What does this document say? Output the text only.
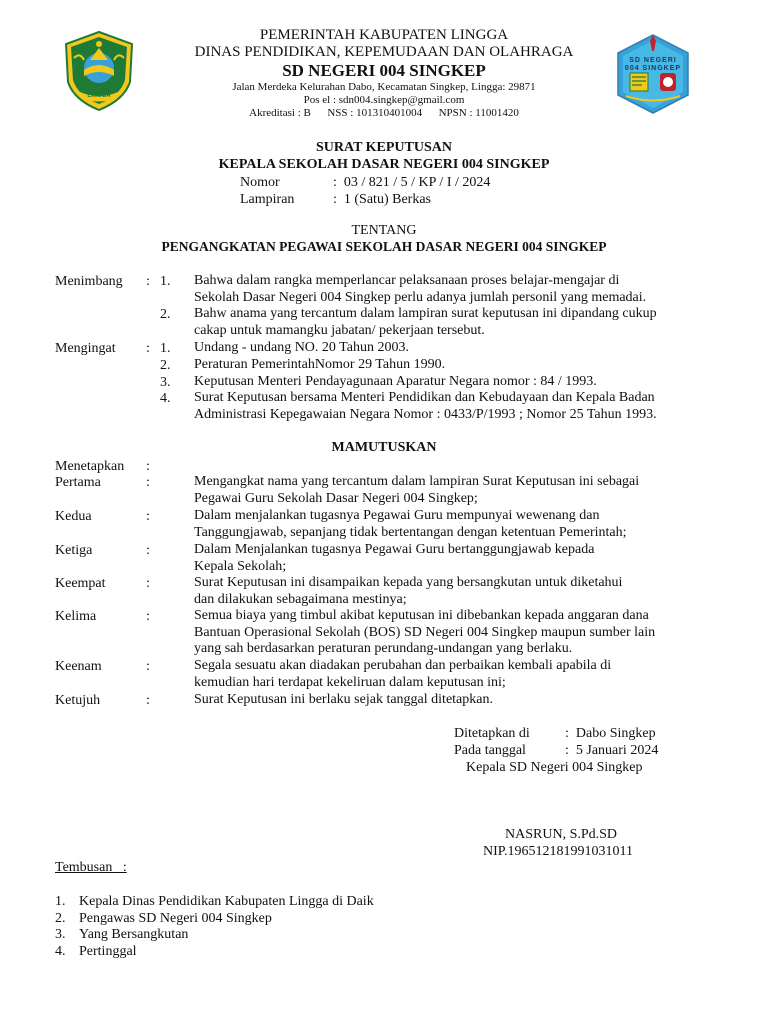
LINGGA
SD NEGERI
004 SINGKEP
PEMERINTAH KABUPATEN LINGGA
DINAS PENDIDIKAN, KEPEMUDAAN DAN OLAHRAGA
SD NEGERI 004 SINGKEP
Jalan Merdeka Kelurahan Dabo, Kecamatan Singkep, Lingga: 29871
Pos el : sdn004.singkep@gmail.com
Akreditasi : B      NSS : 101310401004      NPSN : 11001420
SURAT KEPUTUSAN
KEPALA SEKOLAH DASAR NEGERI 004 SINGKEP
Nomor	:  03 / 821 / 5 / KP / I / 2024
Lampiran	:  1 (Satu) Berkas
TENTANG
PENGANGKATAN PEGAWAI SEKOLAH DASAR NEGERI 004 SINGKEP
Menimbang : 1. Bahwa dalam rangka memperlancar pelaksanaan proses belajar-mengajar di
Sekolah Dasar Negeri 004 Singkep perlu adanya jumlah personil yang memadai.
2. Bahw anama yang tercantum dalam lampiran surat keputusan ini dipandang cukup
cakap untuk mamangku jabatan/ pekerjaan tersebut.
Mengingat : 1. Undang - undang NO. 20 Tahun 2003.
2. Peraturan PemerintahNomor 29 Tahun 1990.
3. Keputusan Menteri Pendayagunaan Aparatur Negara nomor : 84 / 1993.
4. Surat Keputusan bersama Menteri Pendidikan dan Kebudayaan dan Kepala Badan
Administrasi Kepegawaian Negara Nomor : 0433/P/1993 ; Nomor 25 Tahun 1993.
MAMUTUSKAN
Menetapkan :
Pertama	:	Mengangkat nama yang tercantum dalam lampiran Surat Keputusan ini sebagai
Pegawai Guru Sekolah Dasar Negeri 004 Singkep;
Kedua	:	Dalam menjalankan tugasnya Pegawai Guru mempunyai wewenang dan
Tanggungjawab, sepanjang tidak bertentangan dengan ketentuan Pemerintah;
Ketiga	:	Dalam Menjalankan tugasnya Pegawai Guru bertanggungjawab kepada
Kepala Sekolah;
Keempat	:	Surat Keputusan ini disampaikan kepada yang bersangkutan untuk diketahui
dan dilakukan sebagaimana mestinya;
Kelima	:	Semua biaya yang timbul akibat keputusan ini dibebankan kepada anggaran dana
Bantuan Operasional Sekolah (BOS) SD Negeri 004 Singkep maupun sumber lain
yang sah berdasarkan peraturan perundang-undangan yang berlaku.
Keenam	:	Segala sesuatu akan diadakan perubahan dan perbaikan kembali apabila di
kemudian hari terdapat kekeliruan dalam keputusan ini;
Ketujuh	:	Surat Keputusan ini berlaku sejak tanggal ditetapkan.
Ditetapkan di	:  Dabo Singkep
Pada tanggal	:  5 Januari 2024
Kepala SD Negeri 004 Singkep
NASRUN, S.Pd.SD
NIP.196512181991031011
Tembusan   :
1. Kepala Dinas Pendidikan Kabupaten Lingga di Daik
2. Pengawas SD Negeri 004 Singkep
3. Yang Bersangkutan
4. Pertinggal
